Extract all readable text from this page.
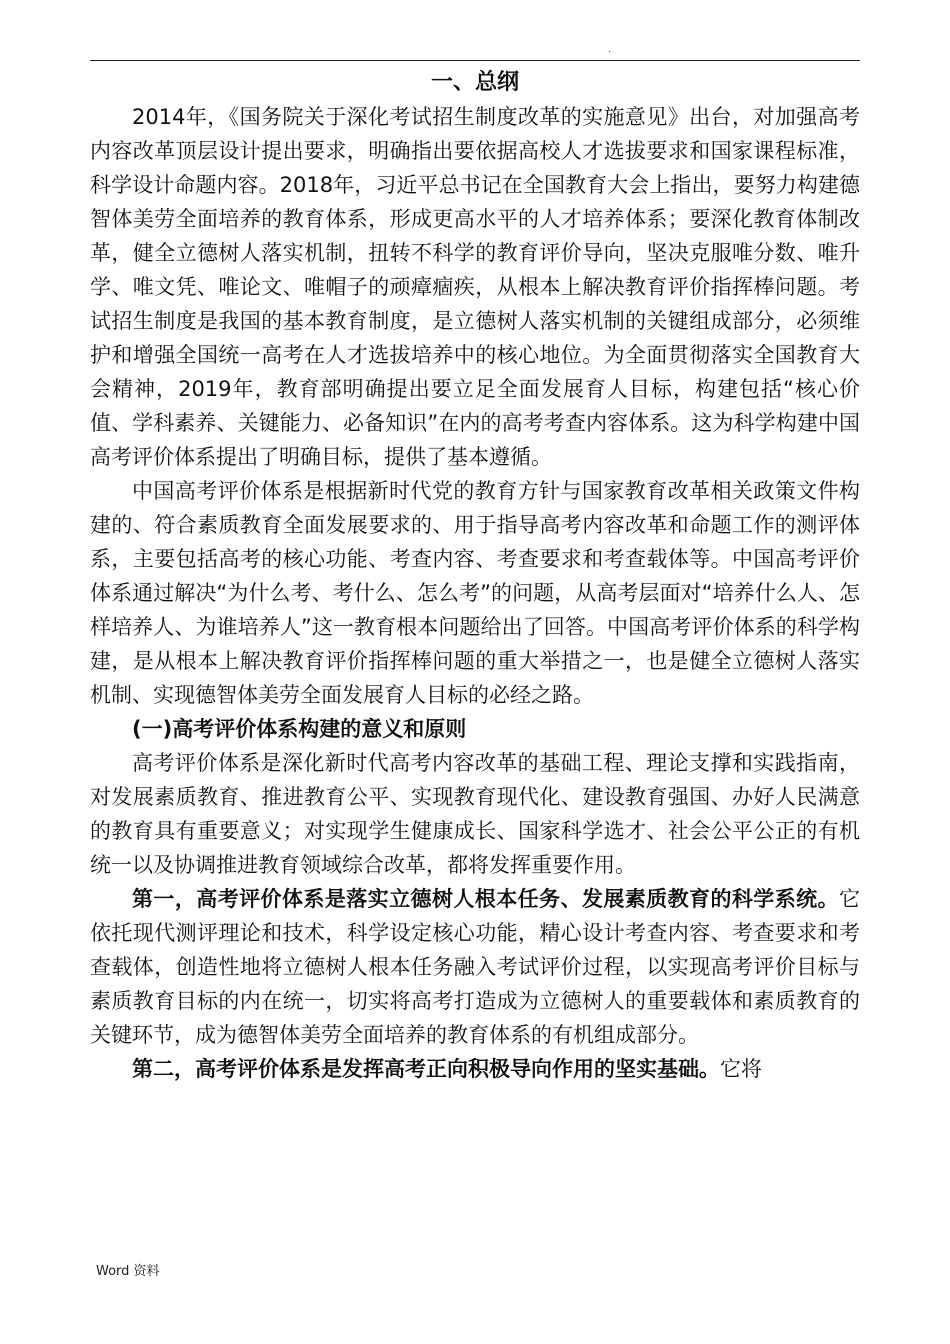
.

一、总纲

2014年，《国务院关于深化考试招生制度改革的实施意见》出台，对加强高考内容改革顶层设计提出要求，明确指出要依据高校人才选拔要求和国家课程标准，科学设计命题内容。2018年，习近平总书记在全国教育大会上指出，要努力构建德智体美劳全面培养的教育体系，形成更高水平的人才培养体系；要深化教育体制改革，健全立德树人落实机制，扭转不科学的教育评价导向，坚决克服唯分数、唯升学、唯文凭、唯论文、唯帽子的顽瘴痼疾，从根本上解决教育评价指挥棒问题。考试招生制度是我国的基本教育制度，是立德树人落实机制的关键组成部分，必须维护和增强全国统一高考在人才选拔培养中的核心地位。为全面贯彻落实全国教育大会精神，2019年，教育部明确提出要立足全面发展育人目标，构建包括“核心价值、学科素养、关键能力、必备知识”在内的高考考查内容体系。这为科学构建中国高考评价体系提出了明确目标，提供了基本遵循。

中国高考评价体系是根据新时代党的教育方针与国家教育改革相关政策文件构建的、符合素质教育全面发展要求的、用于指导高考内容改革和命题工作的测评体系，主要包括高考的核心功能、考查内容、考查要求和考查载体等。中国高考评价体系通过解决“为什么考、考什么、怎么考”的问题，从高考层面对“培养什么人、怎样培养人、为谁培养人”这一教育根本问题给出了回答。中国高考评价体系的科学构建，是从根本上解决教育评价指挥棒问题的重大举措之一，也是健全立德树人落实机制、实现德智体美劳全面发展育人目标的必经之路。

(一)高考评价体系构建的意义和原则

高考评价体系是深化新时代高考内容改革的基础工程、理论支撑和实践指南，对发展素质教育、推进教育公平、实现教育现代化、建设教育强国、办好人民满意的教育具有重要意义；对实现学生健康成长、国家科学选才、社会公平公正的有机统一以及协调推进教育领域综合改革，都将发挥重要作用。

第一，高考评价体系是落实立德树人根本任务、发展素质教育的科学系统。它依托现代测评理论和技术，科学设定核心功能，精心设计考查内容、考查要求和考查载体，创造性地将立德树人根本任务融入考试评价过程，以实现高考评价目标与素质教育目标的内在统一，切实将高考打造成为立德树人的重要载体和素质教育的关键环节，成为德智体美劳全面培养的教育体系的有机组成部分。

第二，高考评价体系是发挥高考正向积极导向作用的坚实基础。它将

Word 资料
